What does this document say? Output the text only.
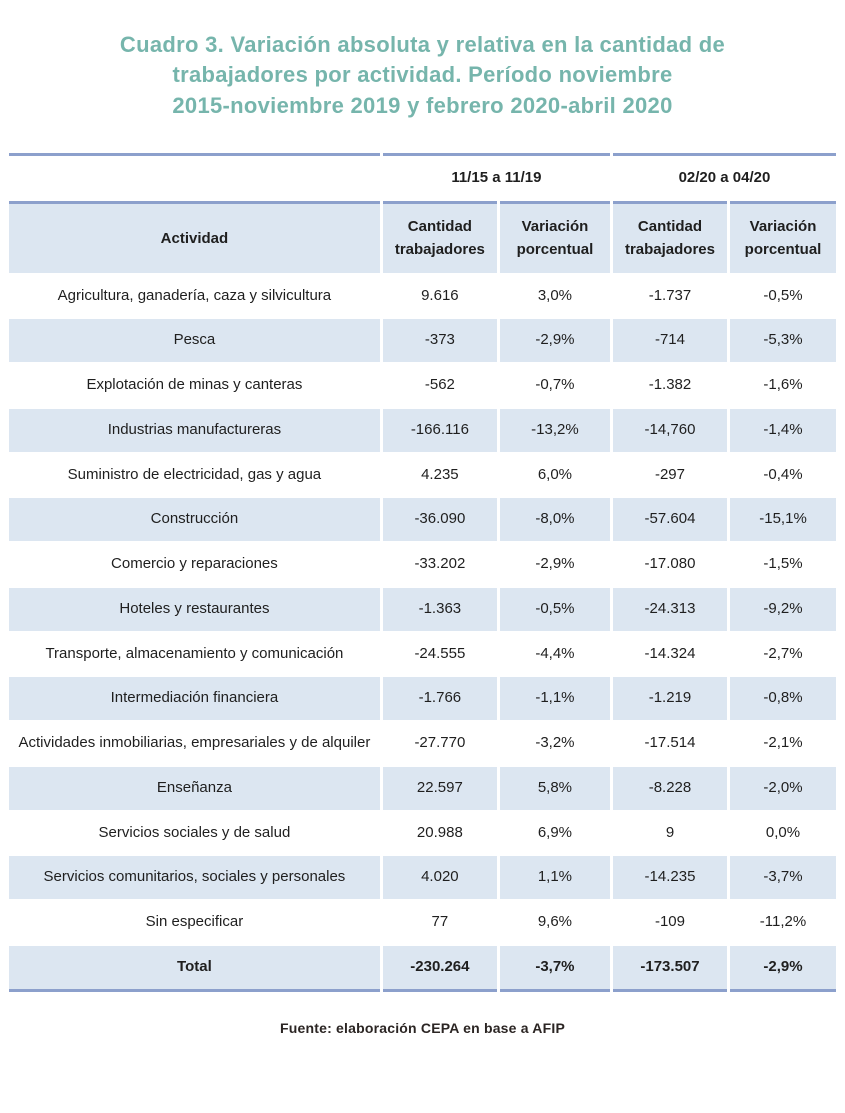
Cuadro 3. Variación absoluta y relativa en la cantidad de
trabajadores por actividad. Período noviembre
2015-noviembre 2019 y febrero 2020-abril 2020
	11/15 a 11/19		02/20 a 04/20	
Actividad	Cantidad trabajadores	Variación porcentual	Cantidad trabajadores	Variación porcentual
Agricultura, ganadería, caza y silvicultura	9.616	3,0%	-1.737	-0,5%
Pesca	-373	-2,9%	-714	-5,3%
Explotación de minas y canteras	-562	-0,7%	-1.382	-1,6%
Industrias manufactureras	-166.116	-13,2%	-14,760	-1,4%
Suministro de electricidad, gas y agua	4.235	6,0%	-297	-0,4%
Construcción	-36.090	-8,0%	-57.604	-15,1%
Comercio y reparaciones	-33.202	-2,9%	-17.080	-1,5%
Hoteles y restaurantes	-1.363	-0,5%	-24.313	-9,2%
Transporte, almacenamiento y comunicación	-24.555	-4,4%	-14.324	-2,7%
Intermediación financiera	-1.766	-1,1%	-1.219	-0,8%
Actividades inmobiliarias, empresariales y de alquiler	-27.770	-3,2%	-17.514	-2,1%
Enseñanza	22.597	5,8%	-8.228	-2,0%
Servicios sociales y de salud	20.988	6,9%	9	0,0%
Servicios comunitarios, sociales y personales	4.020	1,1%	-14.235	-3,7%
Sin especificar	77	9,6%	-109	-11,2%
Total	-230.264	-3,7%	-173.507	-2,9%
Fuente: elaboración CEPA en base a AFIP
